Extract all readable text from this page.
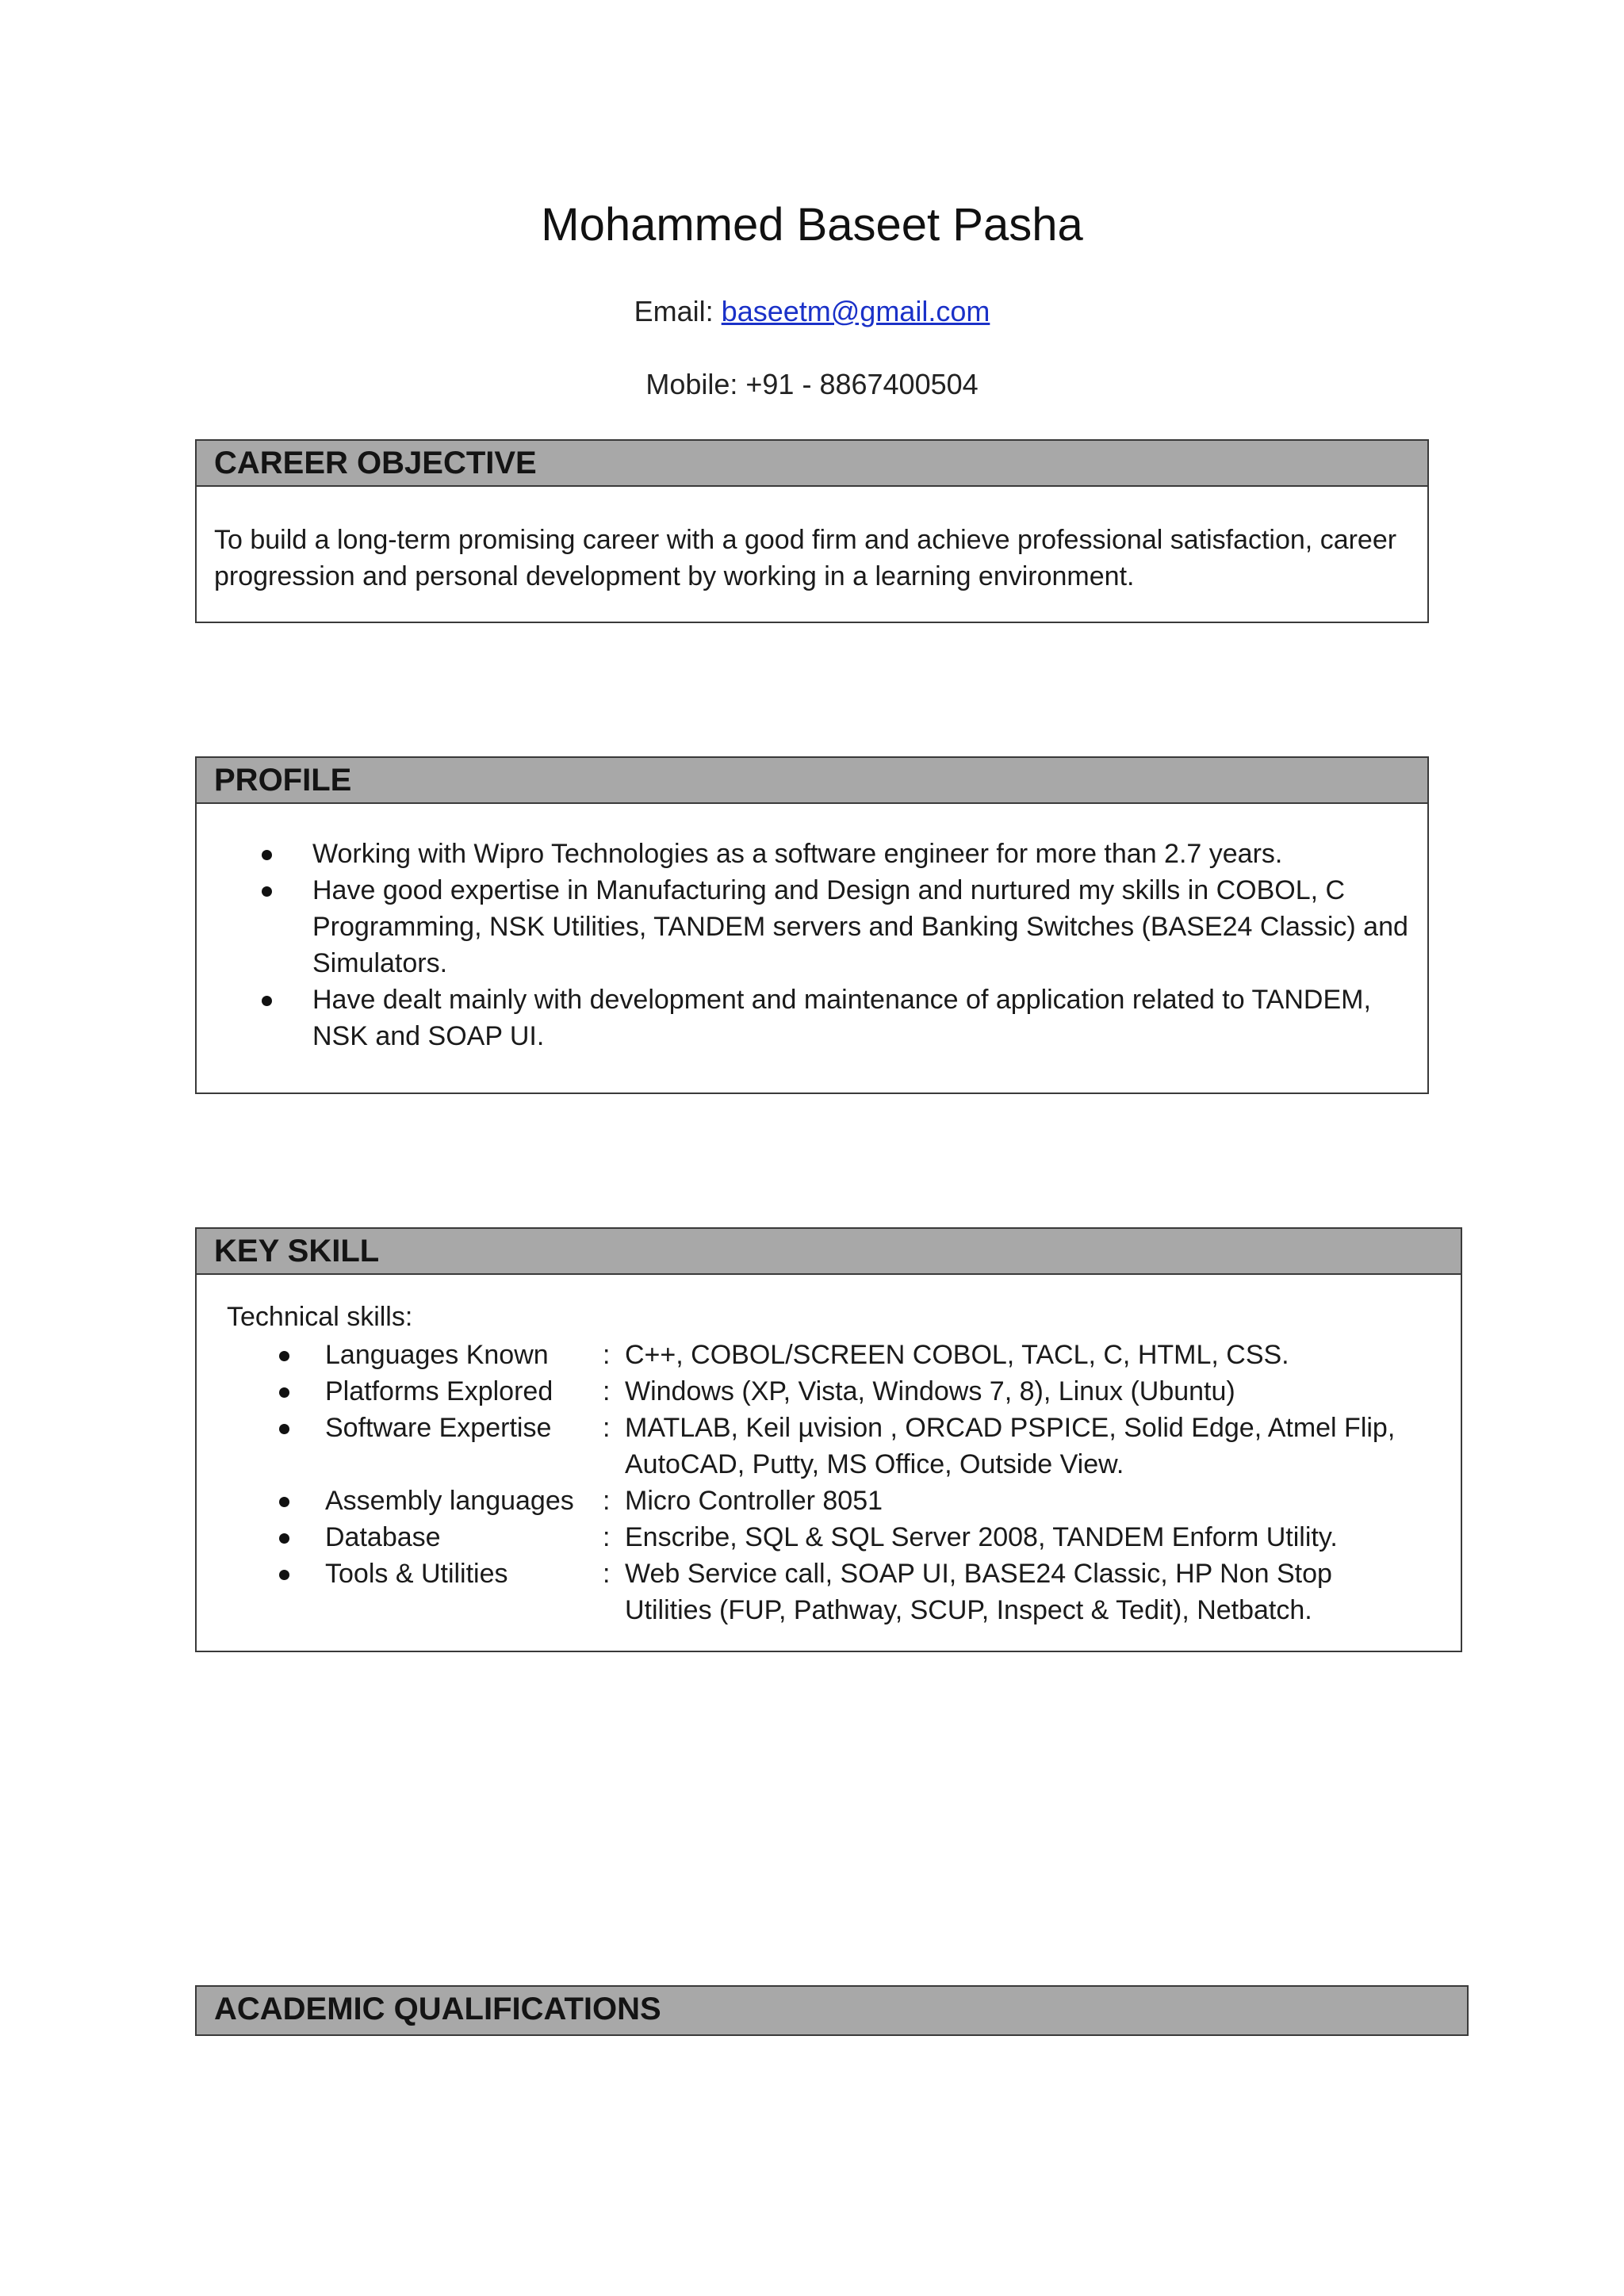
Mohammed Baseet Pasha
Email: baseetm@gmail.com
Mobile: +91 - 8867400504
CAREER OBJECTIVE
To build a long-term promising career with a good firm and achieve professional satisfaction, career progression and personal development by working in a learning environment.
PROFILE
Working with Wipro Technologies as a software engineer for more than 2.7 years.
Have good expertise in Manufacturing and Design and nurtured my skills in COBOL, C Programming, NSK Utilities, TANDEM servers and Banking Switches (BASE24 Classic) and Simulators.
Have dealt mainly with development and maintenance of application related to TANDEM, NSK and SOAP UI.
KEY SKILL
Technical skills:
Languages Known : C++, COBOL/SCREEN COBOL, TACL, C, HTML, CSS.
Platforms Explored : Windows (XP, Vista, Windows 7, 8), Linux (Ubuntu)
Software Expertise : MATLAB, Keil µvision , ORCAD PSPICE, Solid Edge, Atmel Flip, AutoCAD, Putty, MS Office, Outside View.
Assembly languages : Micro Controller 8051
Database	: Enscribe, SQL & SQL Server 2008, TANDEM Enform Utility.
Tools & Utilities	: Web Service call, SOAP UI, BASE24 Classic, HP Non Stop Utilities (FUP, Pathway, SCUP, Inspect & Tedit), Netbatch.
ACADEMIC QUALIFICATIONS
